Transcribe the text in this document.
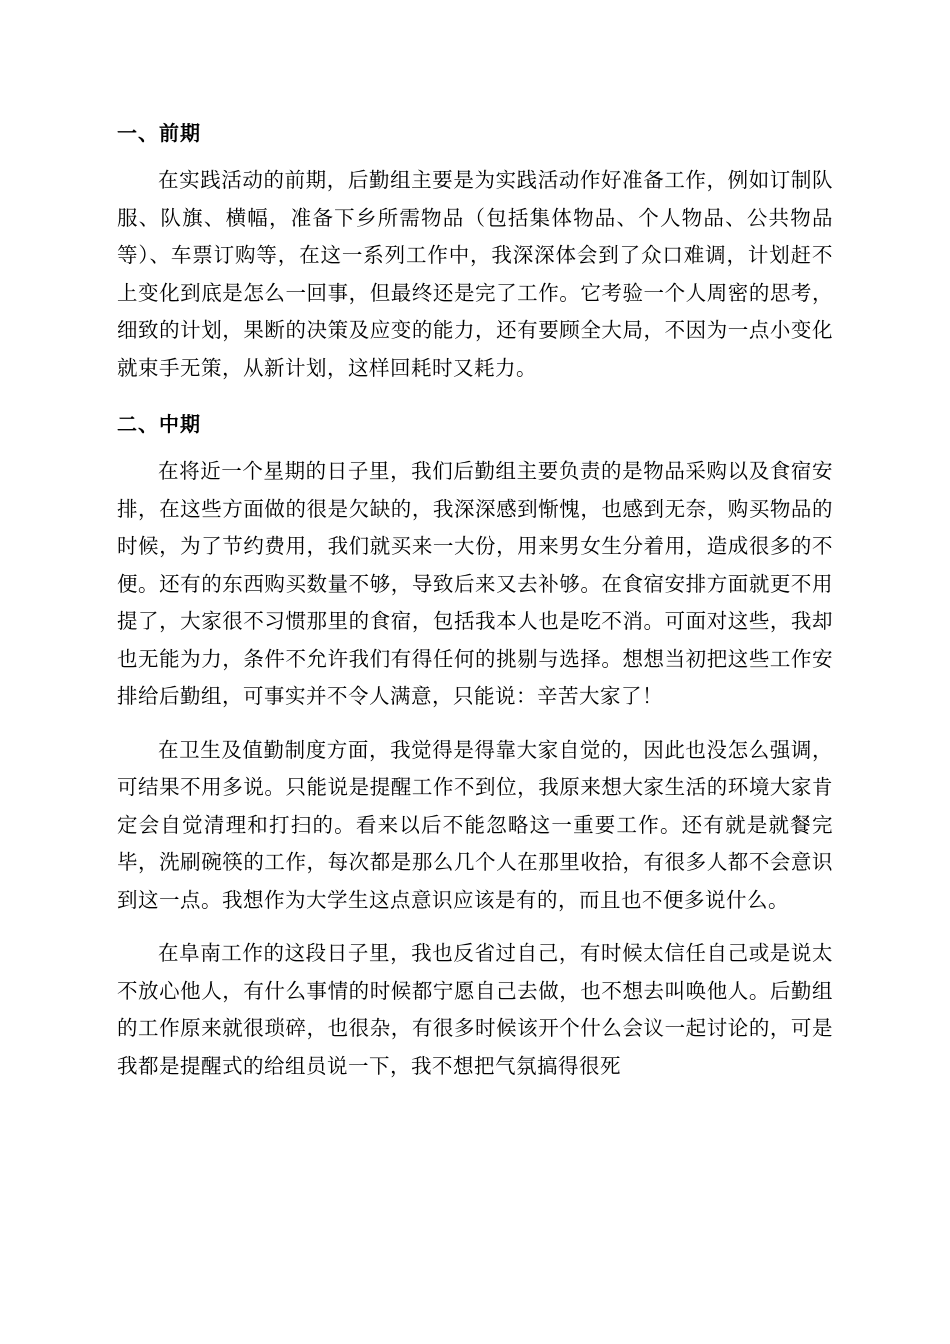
一、前期

在实践活动的前期，后勤组主要是为实践活动作好准备工作，例如订制队服、队旗、横幅，准备下乡所需物品（包括集体物品、个人物品、公共物品等）、车票订购等，在这一系列工作中，我深深体会到了众口难调，计划赶不上变化到底是怎么一回事，但最终还是完了工作。它考验一个人周密的思考，细致的计划，果断的决策及应变的能力，还有要顾全大局，不因为一点小变化就束手无策，从新计划，这样回耗时又耗力。

二、中期

在将近一个星期的日子里，我们后勤组主要负责的是物品采购以及食宿安排，在这些方面做的很是欠缺的，我深深感到惭愧，也感到无奈，购买物品的时候，为了节约费用，我们就买来一大份，用来男女生分着用，造成很多的不便。还有的东西购买数量不够，导致后来又去补够。在食宿安排方面就更不用提了，大家很不习惯那里的食宿，包括我本人也是吃不消。可面对这些，我却也无能为力，条件不允许我们有得任何的挑剔与选择。想想当初把这些工作安排给后勤组，可事实并不令人满意，只能说：辛苦大家了！

在卫生及值勤制度方面，我觉得是得靠大家自觉的，因此也没怎么强调，可结果不用多说。只能说是提醒工作不到位，我原来想大家生活的环境大家肯定会自觉清理和打扫的。看来以后不能忽略这一重要工作。还有就是就餐完毕，洗刷碗筷的工作，每次都是那么几个人在那里收拾，有很多人都不会意识到这一点。我想作为大学生这点意识应该是有的，而且也不便多说什么。

在阜南工作的这段日子里，我也反省过自己，有时候太信任自己或是说太不放心他人，有什么事情的时候都宁愿自己去做，也不想去叫唤他人。后勤组的工作原来就很琐碎，也很杂，有很多时候该开个什么会议一起讨论的，可是我都是提醒式的给组员说一下，我不想把气氛搞得很死
